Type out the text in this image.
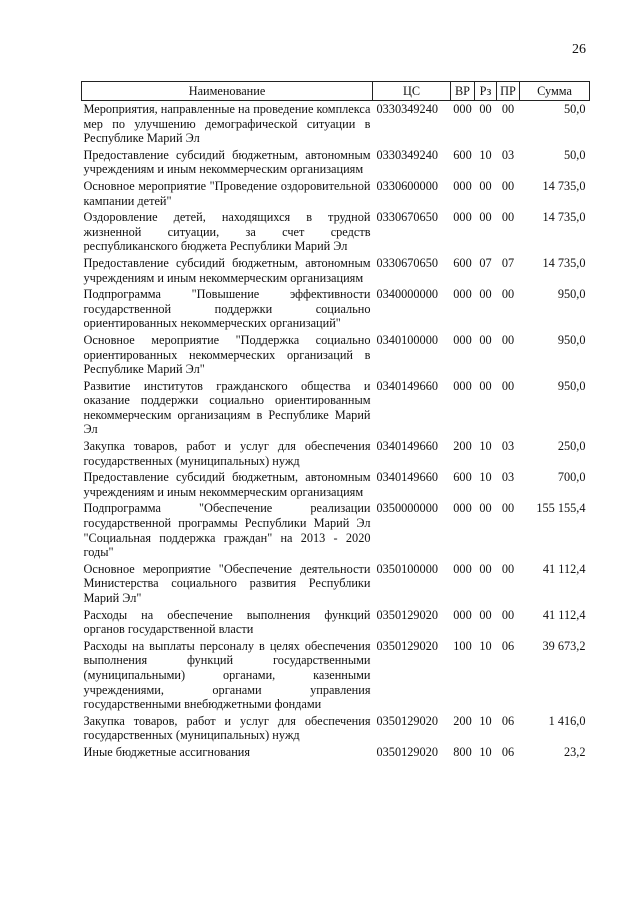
26
Наименование	ЦС	ВР	Рз	ПР	Сумма
Мероприятия, направленные на проведение комплекса мер по улучшению демографической ситуации в Республике Марий Эл	0330349240	000	00	00	50,0
Предоставление субсидий бюджетным, автономным учреждениям и иным некоммерческим организациям	0330349240	600	10	03	50,0
Основное мероприятие "Проведение оздоровительной кампании детей"	0330600000	000	00	00	14 735,0
Оздоровление детей, находящихся в трудной жизненной ситуации, за счет средств республиканского бюджета Республики Марий Эл	0330670650	000	00	00	14 735,0
Предоставление субсидий бюджетным, автономным учреждениям и иным некоммерческим организациям	0330670650	600	07	07	14 735,0
Подпрограмма "Повышение эффективности государственной поддержки социально ориентированных некоммерческих организаций"	0340000000	000	00	00	950,0
Основное мероприятие "Поддержка социально ориентированных некоммерческих организаций в Республике Марий Эл"	0340100000	000	00	00	950,0
Развитие институтов гражданского общества и оказание поддержки социально ориентированным некоммерческим организациям в Республике Марий Эл	0340149660	000	00	00	950,0
Закупка товаров, работ и услуг для обеспечения государственных (муниципальных) нужд	0340149660	200	10	03	250,0
Предоставление субсидий бюджетным, автономным учреждениям и иным некоммерческим организациям	0340149660	600	10	03	700,0
Подпрограмма "Обеспечение реализации государственной программы Республики Марий Эл "Социальная поддержка граждан" на 2013 - 2020 годы"	0350000000	000	00	00	155 155,4
Основное мероприятие "Обеспечение деятельности Министерства социального развития Республики Марий Эл"	0350100000	000	00	00	41 112,4
Расходы на обеспечение выполнения функций органов государственной власти	0350129020	000	00	00	41 112,4
Расходы на выплаты персоналу в целях обеспечения выполнения функций государственными (муниципальными) органами, казенными учреждениями, органами управления государственными внебюджетными фондами	0350129020	100	10	06	39 673,2
Закупка товаров, работ и услуг для обеспечения государственных (муниципальных) нужд	0350129020	200	10	06	1 416,0
Иные бюджетные ассигнования	0350129020	800	10	06	23,2
